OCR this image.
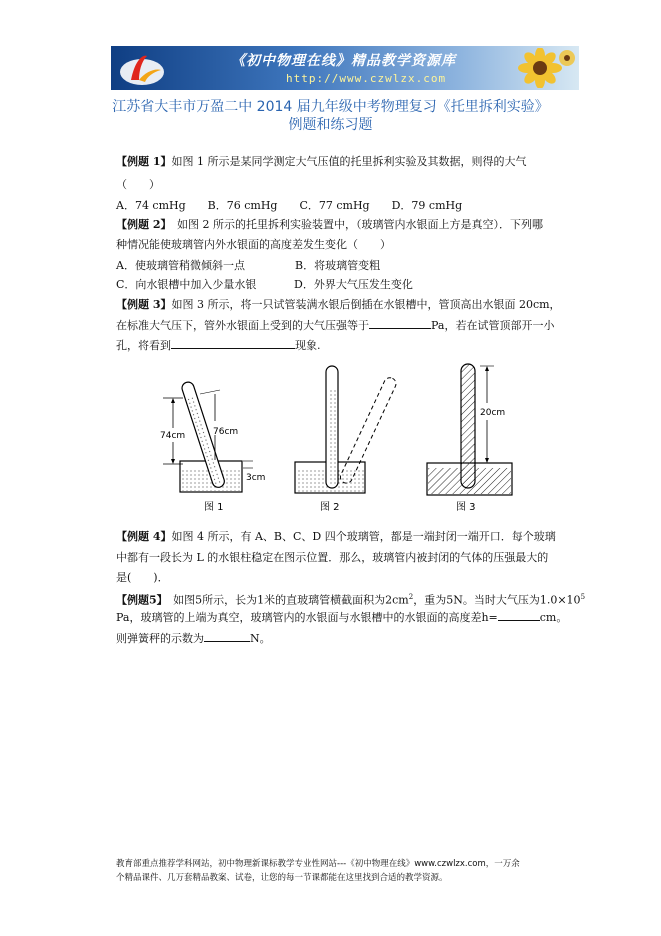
《初中物理在线》精品教学资源库
http://www.czwlzx.com
江苏省大丰市万盈二中 2014 届九年级中考物理复习《托里拆利实验》
例题和练习题
【例题 1】如图 1 所示是某同学测定大气压值的托里拆利实验及其数据，则得的大气
（　　）
A．74 cmHg　　B．76 cmHg　　C．77 cmHg　　D．79 cmHg
【例题 2】　如图 2 所示的托里拆利实验装置中，（玻璃管内水银面上方是真空）．下列哪
种情况能使玻璃管内外水银面的高度差发生变化（　　）
A．使玻璃管稍微倾斜一点	B．将玻璃管变粗
C．向水银槽中加入少量水银	D．外界大气压发生变化
【例题 3】如图 3 所示，将一只试管装满水银后倒插在水银槽中，管顶高出水银面 20cm，
在标准大气压下，管外水银面上受到的大气压强等于	Pa，若在试管顶部开一小
孔，将看到	现象.
74cm	76cm
3cm
图 1	图 2
20cm
图 3
【例题 4】如图 4 所示，有 A、B、C、D 四个玻璃管，都是一端封闭一端开口．每个玻璃
中都有一段长为 L 的水银柱稳定在图示位置．那么，玻璃管内被封闭的气体的压强最大的
是(　　)．
【例题5】　如图5所示，长为1米的直玻璃管横截面积为$2cm^2$，重为5N。当时大气压为$1.0\times 10^5$
Pa，玻璃管的上端为真空，玻璃管内的水银面与水银槽中的水银面的高度差h=	cm。
则弹簧秤的示数为	N。
教育部重点推荐学科网站，初中物理新课标教学专业性网站---《初中物理在线》www.czwlzx.com，一万余
个精品课件、几万套精品教案、试卷，让您的每一节课都能在这里找到合适的教学资源。
